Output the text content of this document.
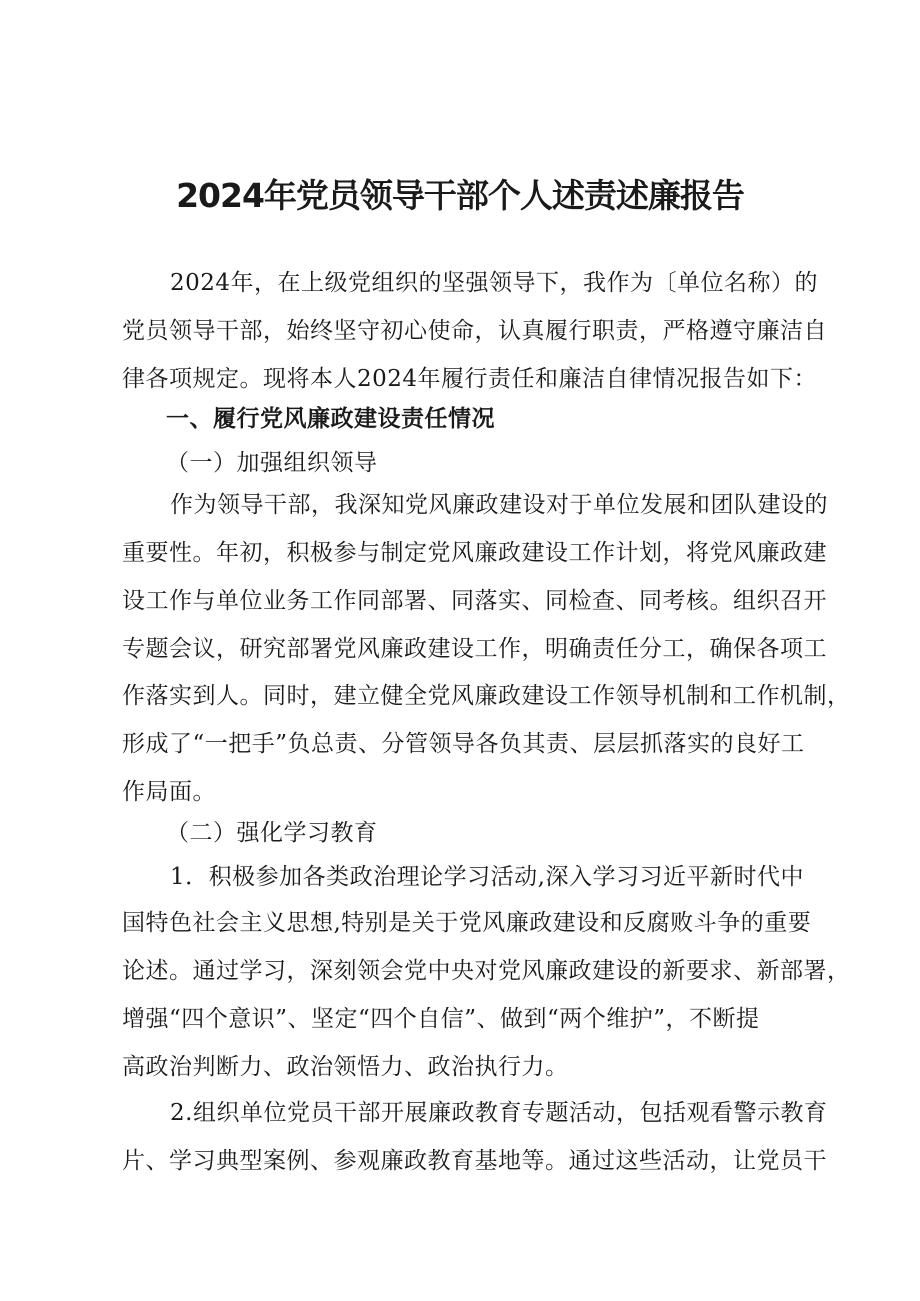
2024年党员领导干部个人述责述廉报告
2024年，在上级党组织的坚强领导下，我作为〔单位名称）的
党员领导干部，始终坚守初心使命，认真履行职责，严格遵守廉洁自
律各项规定。现将本人2024年履行责任和廉洁自律情况报告如下：
一、履行党风廉政建设责任情况
（一）加强组织领导
作为领导干部，我深知党风廉政建设对于单位发展和团队建设的
重要性。年初，积极参与制定党风廉政建设工作计划，将党风廉政建
设工作与单位业务工作同部署、同落实、同检查、同考核。组织召开
专题会议，研究部署党风廉政建设工作，明确责任分工，确保各项工
作落实到人。同时，建立健全党风廉政建设工作领导机制和工作机制，
形成了“一把手”负总责、分管领导各负其责、层层抓落实的良好工
作局面。
（二）强化学习教育
1．积极参加各类政治理论学习活动,深入学习习近平新时代中
国特色社会主义思想,特别是关于党风廉政建设和反腐败斗争的重要
论述。通过学习，深刻领会党中央对党风廉政建设的新要求、新部署，
增强“四个意识”、坚定“四个自信”、做到“两个维护”，不断提
高政治判断力、政治领悟力、政治执行力。
2.组织单位党员干部开展廉政教育专题活动，包括观看警示教育
片、学习典型案例、参观廉政教育基地等。通过这些活动，让党员干
